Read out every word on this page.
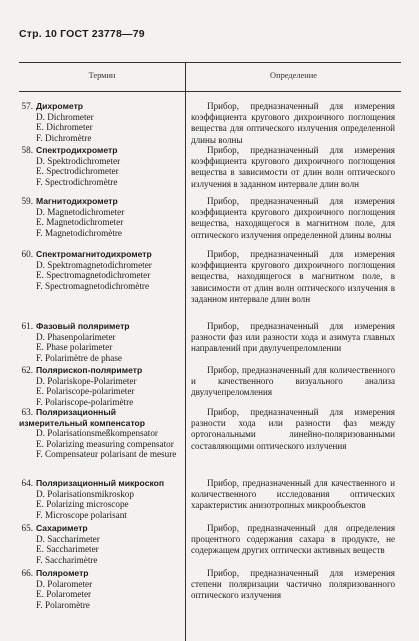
Стр. 10 ГОСТ 23778—79
Термин	Определение
57. Дихрометр
D. Dichrometer
E. Dichrometer
F. Dichromètre
Прибор, предназначенный для измерения коэффициента кругового дихроичного поглощения вещества для оптического излучения определенной длины волны
58. Спектродихрометр
D. Spektrodichrometer
E. Spectrodichrometer
F. Spectrodichromètre
Прибор, предназначенный для измерения коэффициента кругового дихроичного поглощения вещества в зависимости от длин волн оптического излучения в заданном интервале длин волн
59. Магнитодихрометр
D. Magnetodichrometer
E. Magnetodichrometer
F. Magnetodichromètre
Прибор, предназначенный для измерения коэффициента кругового дихроичного поглощения вещества, находящегося в магнитном поле, для оптического излучения определенной длины волны
60. Спектромагнитодихрометр
D. Spektromagnetodichrometer
E. Spectromagnetodichrometer
F. Spectromagnetodichromètre
Прибор, предназначенный для измерения коэффициента кругового дихроичного поглощения вещества, находящегося в магнитном поле, в зависимости от длин волн оптического излучения в заданном интервале длин волн
61. Фазовый поляриметр
D. Phasenpolarimeter
E. Phase polarimeter
F. Polarimètre de phase
Прибор, предназначенный для измерения разности фаз или разности хода и азимута главных направлений при двулучепреломлении
62. Полярископ-поляриметр
D. Polariskope-Polarimeter
E. Polariscope-polarimeter
F. Polariscope-polarimètre
Прибор, предназначенный для количественного и качественного визуального анализа двулучепреломления
63. Поляризационный измерительный компенсатор
D. Polarisationsmeßkompensator
E. Polarizing measuring compensator
F. Compensateur polarisant de mesure
Прибор, предназначенный для измерения разности хода или разности фаз между ортогональными линейно-поляризованными составляющими оптического излучения
64. Поляризационный микроскоп
D. Polarisationsmikroskop
E. Polarizing microscope
F. Microscope polarisant
Прибор, предназначенный для качественного и количественного исследования оптических характеристик анизотропных микрообъектов
65. Сахариметр
D. Saccharimeter
E. Saccharimeter
F. Saccharimètre
Прибор, предназначенный для определения процентного содержания сахара в продукте, не содержащем других оптически активных веществ
66. Полярометр
D. Polarometer
E. Polarometer
F. Polaromètre
Прибор, предназначенный для измерения степени поляризации частично поляризованного оптического излучения
